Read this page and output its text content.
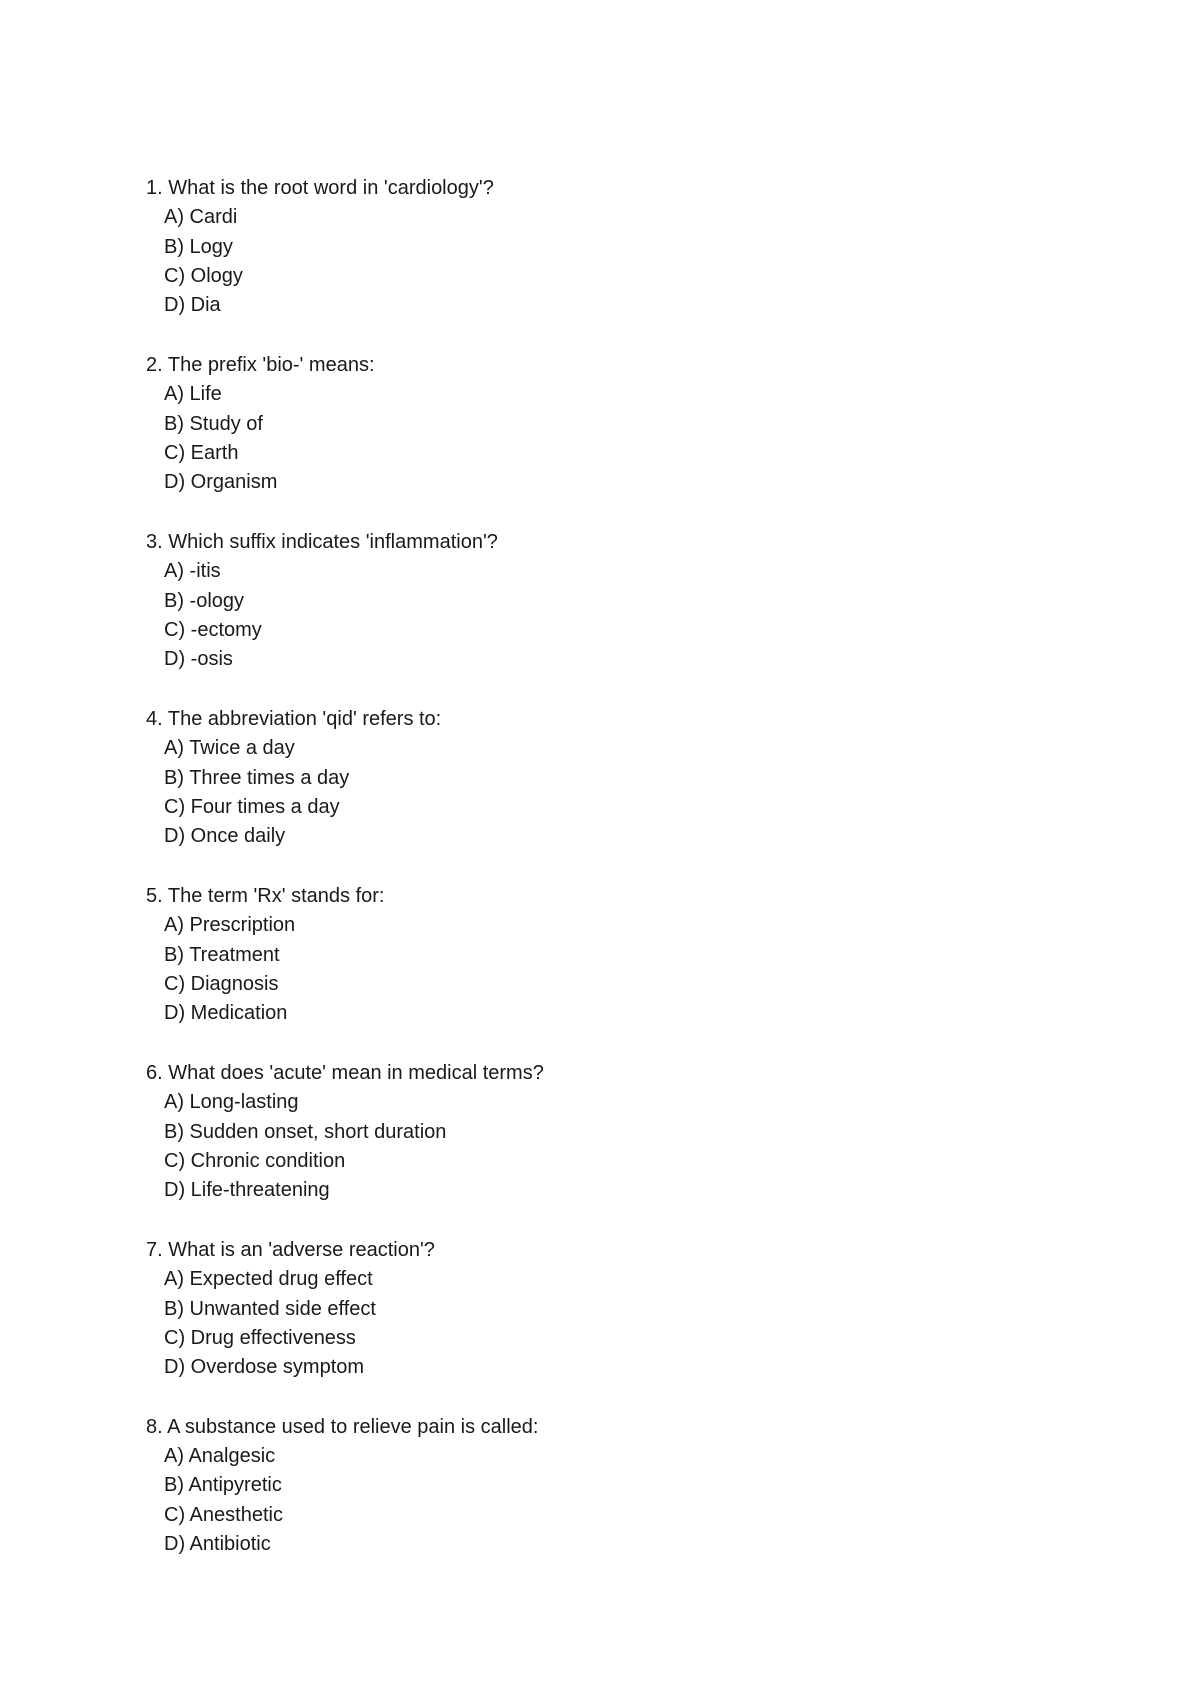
1. What is the root word in 'cardiology'?
A) Cardi
B) Logy
C) Ology
D) Dia
2. The prefix 'bio-' means:
A) Life
B) Study of
C) Earth
D) Organism
3. Which suffix indicates 'inflammation'?
A) -itis
B) -ology
C) -ectomy
D) -osis
4. The abbreviation 'qid' refers to:
A) Twice a day
B) Three times a day
C) Four times a day
D) Once daily
5. The term 'Rx' stands for:
A) Prescription
B) Treatment
C) Diagnosis
D) Medication
6. What does 'acute' mean in medical terms?
A) Long-lasting
B) Sudden onset, short duration
C) Chronic condition
D) Life-threatening
7. What is an 'adverse reaction'?
A) Expected drug effect
B) Unwanted side effect
C) Drug effectiveness
D) Overdose symptom
8. A substance used to relieve pain is called:
A) Analgesic
B) Antipyretic
C) Anesthetic
D) Antibiotic
